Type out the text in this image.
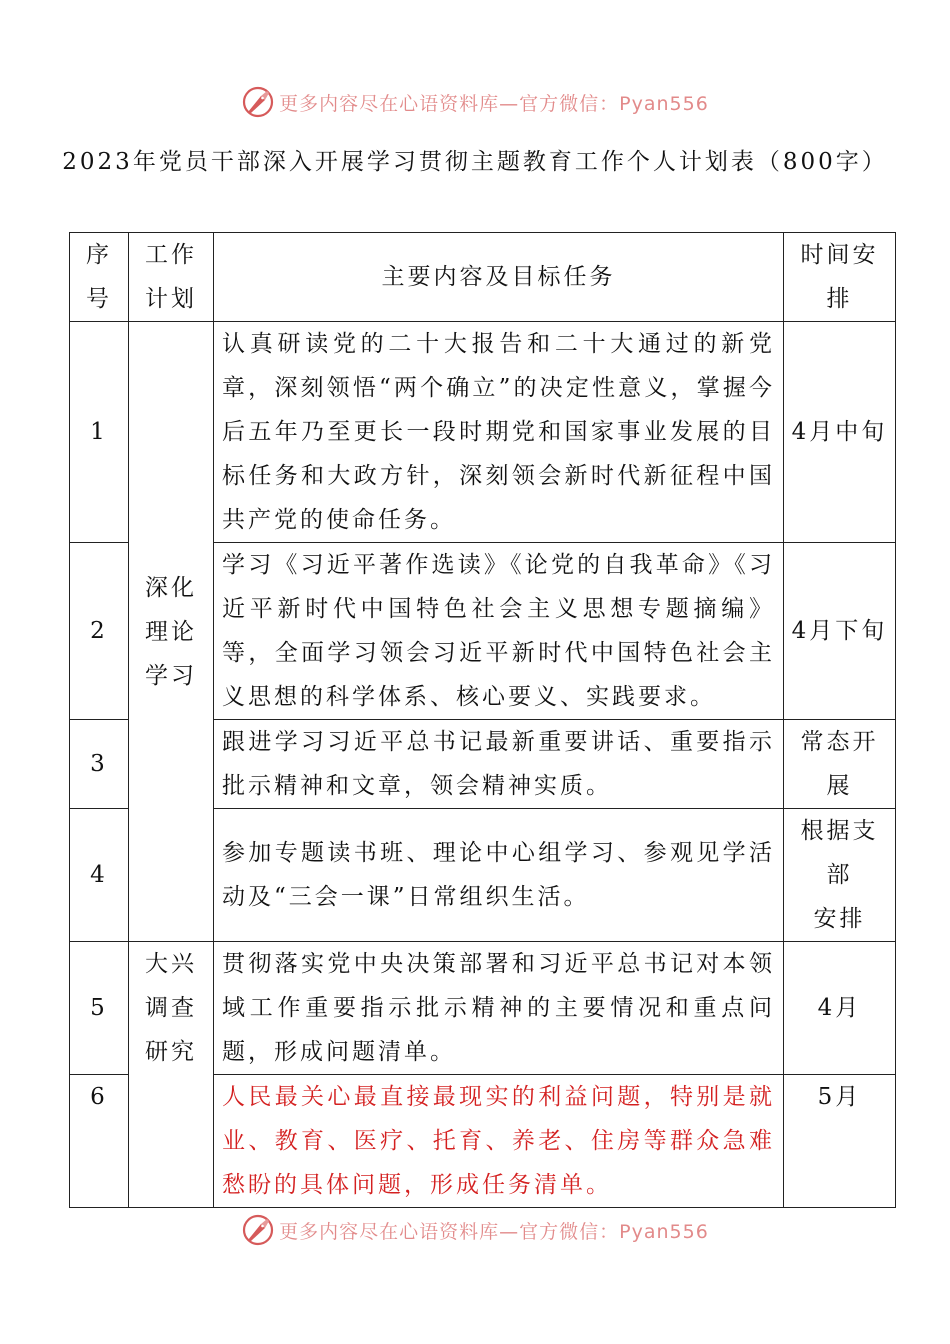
更多内容尽在心语资料库—官方微信：Pyan556
2023年党员干部深入开展学习贯彻主题教育工作个人计划表（800字）
序
号	工作
计划	主要内容及目标任务	时间安
排

1	深化
理论
学习	认真研读党的二十大报告和二十大通过的新党章，深刻领悟“两个确立”的决定性意义，掌握今后五年乃至更长一段时期党和国家事业发展的目标任务和大政方针，深刻领会新时代新征程中国共产党的使命任务。	4月中旬
2		学习《习近平著作选读》《论党的自我革命》《习近平新时代中国特色社会主义思想专题摘编》等，全面学习领会习近平新时代中国特色社会主义思想的科学体系、核心要义、实践要求。	4月下旬
3		跟进学习习近平总书记最新重要讲话、重要指示批示精神和文章，领会精神实质。	常态开
展

4		参加专题读书班、理论中心组学习、参观见学活动及“三会一课”日常组织生活。	根据支
部
安排

5	大兴
调查
研究	贯彻落实党中央决策部署和习近平总书记对本领域工作重要指示批示精神的主要情况和重点问题，形成问题清单。	4月
6		人民最关心最直接最现实的利益问题，特别是就业、教育、医疗、托育、养老、住房等群众急难愁盼的具体问题，形成任务清单。	5月
更多内容尽在心语资料库—官方微信：Pyan556
